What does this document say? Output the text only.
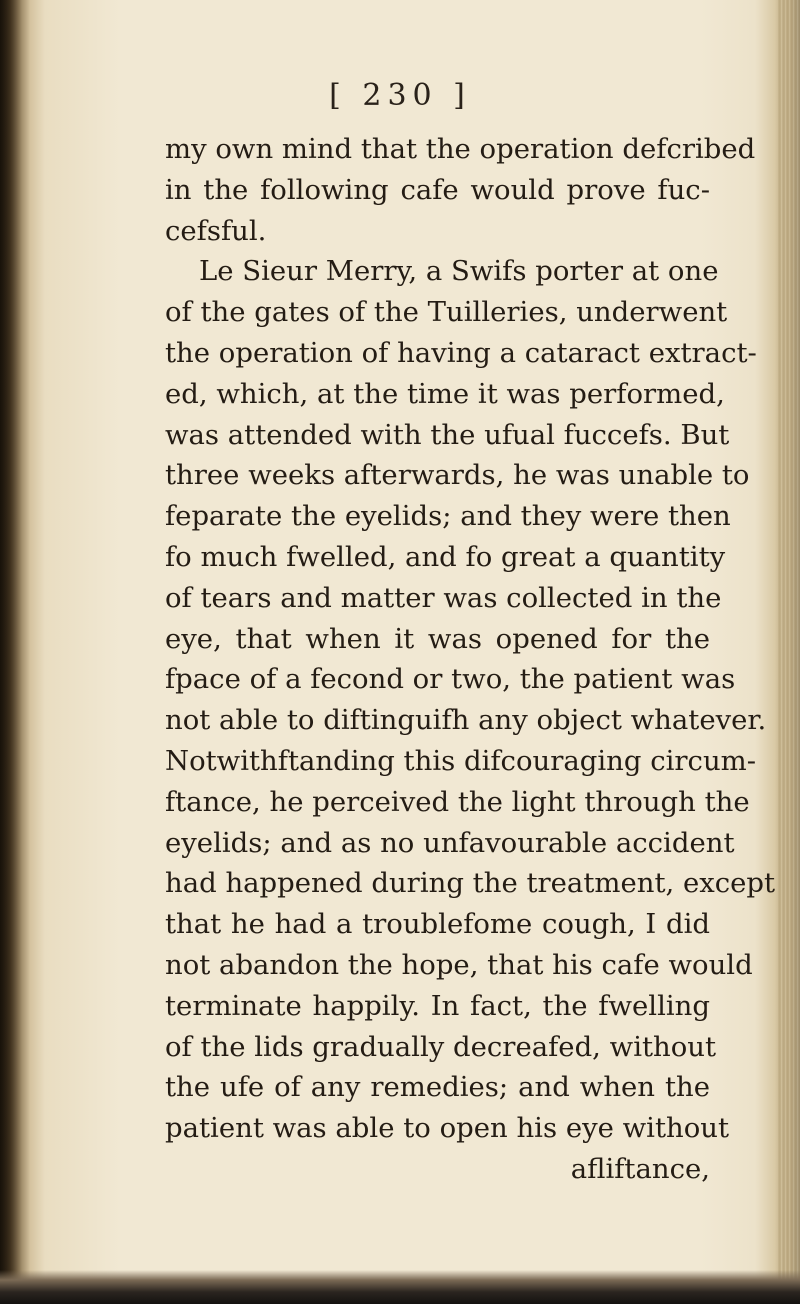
[ 230 ]
my own mind that the operation defcribed
in the following cafe would prove fuc-
cefsful.
Le Sieur Merry, a Swifs porter at one
of the gates of the Tuilleries, underwent
the operation of having a cataract extract-
ed, which, at the time it was performed,
was attended with the ufual fuccefs. But
three weeks afterwards, he was unable to
feparate the eyelids; and they were then
fo much fwelled, and fo great a quantity
of tears and matter was collected in the
eye, that when it was opened for the
fpace of a fecond or two, the patient was
not able to diftinguifh any object whatever.
Notwithftanding this difcouraging circum-
ftance, he perceived the light through the
eyelids; and as no unfavourable accident
had happened during the treatment, except
that he had a troublefome cough, I did
not abandon the hope, that his cafe would
terminate happily. In fact, the fwelling
of the lids gradually decreafed, without
the ufe of any remedies; and when the
patient was able to open his eye without
afliftance,
